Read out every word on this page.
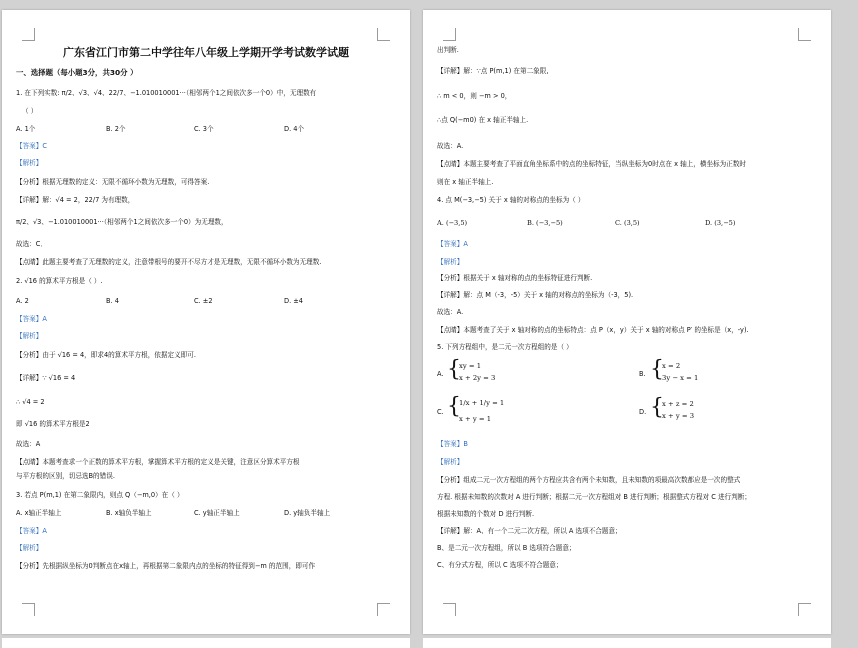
广东省江门市第二中学往年八年级上学期开学考试数学试题
一、选择题（每小题3分，共30分 ）
1. 在下列实数: π/2、√3、√4、22/7、−1.010010001···（相邻两个1之间依次多一个0）中，无理数有
（ ）
A. 1个	B. 2个	C. 3个	D. 4个
【答案】C
【解析】
【分析】根据无理数的定义：无限不循环小数为无理数，可得答案.
【详解】解：√4 = 2，22/7 为有理数，
π/2、√3、−1.010010001···（相邻两个1之间依次多一个0）为无理数，
故选：C．
【点睛】此题主要考查了无理数的定义，注意带根号的要开不尽方才是无理数，无限不循环小数为无理数.
2. √16 的算术平方根是（ ）.
A. 2	B. 4	C. ±2	D. ±4
【答案】A
【解析】
【分析】由于 √16 = 4，即求4的算术平方根，依据定义即可.
【详解】∵ √16 = 4
∴ √4 = 2
即 √16 的算术平方根是2
故选：A
【点睛】本题考查求一个正数的算术平方根，掌握算术平方根的定义是关键，注意区分算术平方根
与平方根的区别，切忌选B的错误.
3. 若点 P(m,1) 在第二象限内，则点 Q（−m,0）在（ ）
A. x轴正半轴上	B. x轴负半轴上	C. y轴正半轴上	D. y轴负半轴上
【答案】A
【解析】
【分析】先根据纵坐标为0判断点在x轴上，再根据第二象限内点的坐标的特征得到−m 的范围，即可作
出判断.
【详解】解：∵点 P(m,1) 在第二象限,
∴ m < 0，则 −m > 0，
∴点 Q(−m0) 在 x 轴正半轴上.
故选：A.
【点睛】本题主要考查了平面直角坐标系中的点的坐标特征，当纵坐标为0时点在 x 轴上，横坐标为正数时
则在 x 轴正半轴上.
4. 点 M(−3,−5) 关于 x 轴的对称点的坐标为（ ）
A. (−3,5)	B. (−3,−5)	C. (3,5)	D. (3,−5)
【答案】A
【解析】
【分析】根据关于 x 轴对称的点的坐标特征进行判断.
【详解】解：点 M（-3，-5）关于 x 轴的对称点的坐标为（-3，5).
故选：A.
【点睛】本题考查了关于 x 轴对称的点的坐标特点：点 P（x，y）关于 x 轴的对称点 P′ 的坐标是（x，-y).
5. 下列方程组中，是二元一次方程组的是（ ）
A. {
xy = 1
x + 2y = 3	B. {
x = 2
3y − x = 1
C. {
1/x + 1/y = 1
x + y = 1
D. {
x + z = 2
x + y = 3
【答案】B
【解析】
【分析】组成二元一次方程组的两个方程应共含有两个未知数，且未知数的项最高次数都应是一次的整式
方程. 根据未知数的次数对 A 进行判断；根据二元一次方程组对 B 进行判断；根据整式方程对 C 进行判断；
根据未知数的个数对 D 进行判断.
【详解】解：A、有一个二元二次方程，所以 A 选项不合题意；
B、是二元一次方程组，所以 B 选项符合题意；
C、有分式方程，所以 C 选项不符合题意；
